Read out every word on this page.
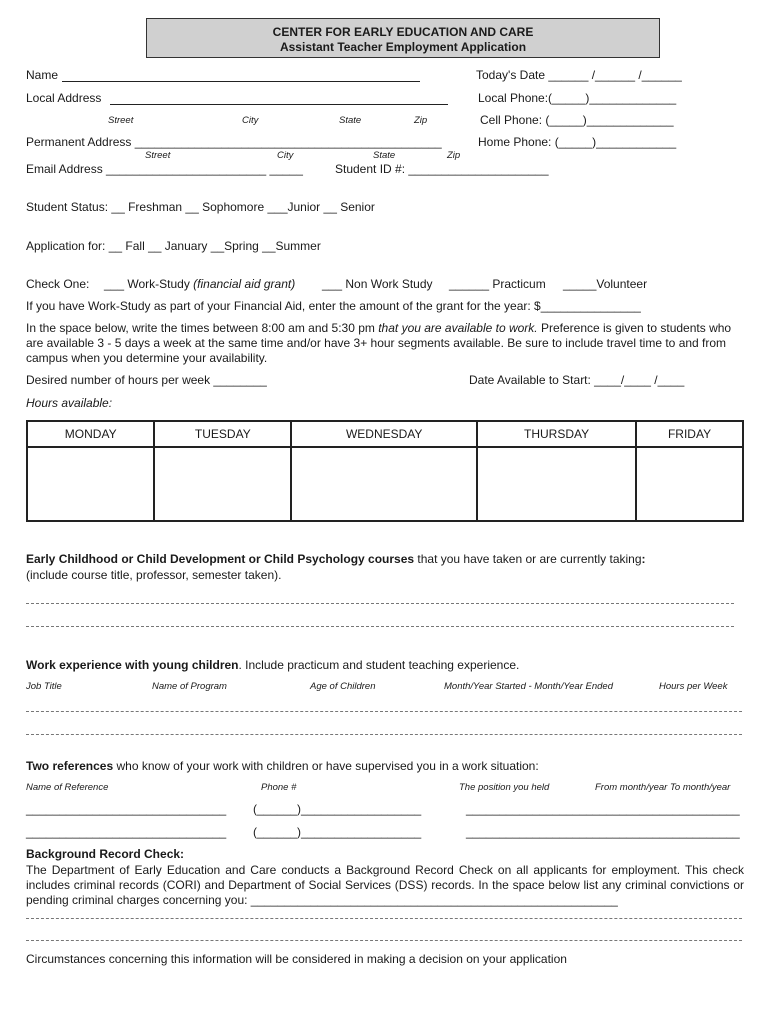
CENTER FOR EARLY EDUCATION AND CARE
Assistant Teacher Employment Application
Name	Today's Date ______ /______ /______
Local Address	Local Phone:(_____)_____________
Street	City	State	Zip	Cell Phone: (_____)_____________
Permanent Address ______________________________________________	Home Phone: (_____)____________
Street	City	State	Zip
Email Address ________________________ _____	Student ID #: _____________________
Student Status: __ Freshman __ Sophomore ___Junior __ Senior
Application for: __ Fall __ January __Spring __Summer
Check One: ___ Work-Study (financial aid grant) ___ Non Work Study ______ Practicum _____Volunteer
If you have Work-Study as part of your Financial Aid, enter the amount of the grant for the year: $_______________
In the space below, write the times between 8:00 am and 5:30 pm that you are available to work. Preference is given to students who are available 3 - 5 days a week at the same time and/or have 3+ hour segments available. Be sure to include travel time to and from campus when you determine your availability.
Desired number of hours per week ________	Date Available to Start: ____/____ /____
Hours available:
MONDAY	TUESDAY	WEDNESDAY	THURSDAY	FRIDAY

Early Childhood or Child Development or Child Psychology courses that you have taken or are currently taking:
(include course title, professor, semester taken).
Work experience with young children. Include practicum and student teaching experience.
Job Title	Name of Program	Age of Children	Month/Year Started - Month/Year Ended	Hours per Week
Two references who know of your work with children or have supervised you in a work situation:
Name of Reference	Phone #	The position you held	From month/year To month/year
______________________________ (______)__________________	_________________________________________
______________________________ (______)__________________	_________________________________________
Background Record Check:
The Department of Early Education and Care conducts a Background Record Check on all applicants for employment. This check includes criminal records (CORI) and Department of Social Services (DSS) records. In the space below list any criminal convictions or pending criminal charges concerning you: _______________________________________________________
Circumstances concerning this information will be considered in making a decision on your application
